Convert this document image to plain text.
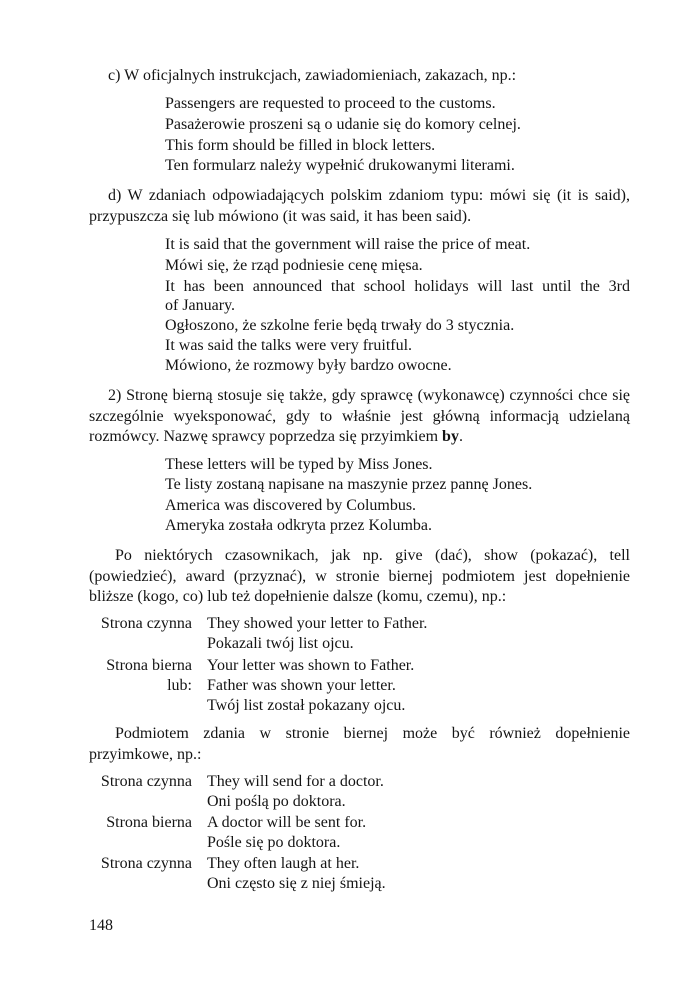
c) W oficjalnych instrukcjach, zawiadomieniach, zakazach, np.:
Passengers are requested to proceed to the customs.
Pasażerowie proszeni są o udanie się do komory celnej.
This form should be filled in block letters.
Ten formularz należy wypełnić drukowanymi literami.
d) W zdaniach odpowiadających polskim zdaniom typu: mówi się (it is said), przypuszcza się lub mówiono (it was said, it has been said).
It is said that the government will raise the price of meat.
Mówi się, że rząd podniesie cenę mięsa.
It has been announced that school holidays will last until the 3rd
of January.
Ogłoszono, że szkolne ferie będą trwały do 3 stycznia.
It was said the talks were very fruitful.
Mówiono, że rozmowy były bardzo owocne.
2) Stronę bierną stosuje się także, gdy sprawcę (wykonawcę) czynności chce się szczególnie wyeksponować, gdy to właśnie jest główną informacją udzielaną rozmówcy. Nazwę sprawcy poprzedza się przyimkiem by.
These letters will be typed by Miss Jones.
Te listy zostaną napisane na maszynie przez pannę Jones.
America was discovered by Columbus.
Ameryka została odkryta przez Kolumba.
Po niektórych czasownikach, jak np. give (dać), show (pokazać), tell (powiedzieć), award (przyznać), w stronie biernej podmiotem jest dopełnienie bliższe (kogo, co) lub też dopełnienie dalsze (komu, czemu), np.:
Strona czynna They showed your letter to Father.
Pokazali twój list ojcu.
Strona bierna Your letter was shown to Father.
lub: Father was shown your letter.
Twój list został pokazany ojcu.
Podmiotem zdania w stronie biernej może być również dopełnienie przyimkowe, np.:
Strona czynna They will send for a doctor.
Oni poślą po doktora.
Strona bierna A doctor will be sent for.
Pośle się po doktora.
Strona czynna They often laugh at her.
Oni często się z niej śmieją.
148
